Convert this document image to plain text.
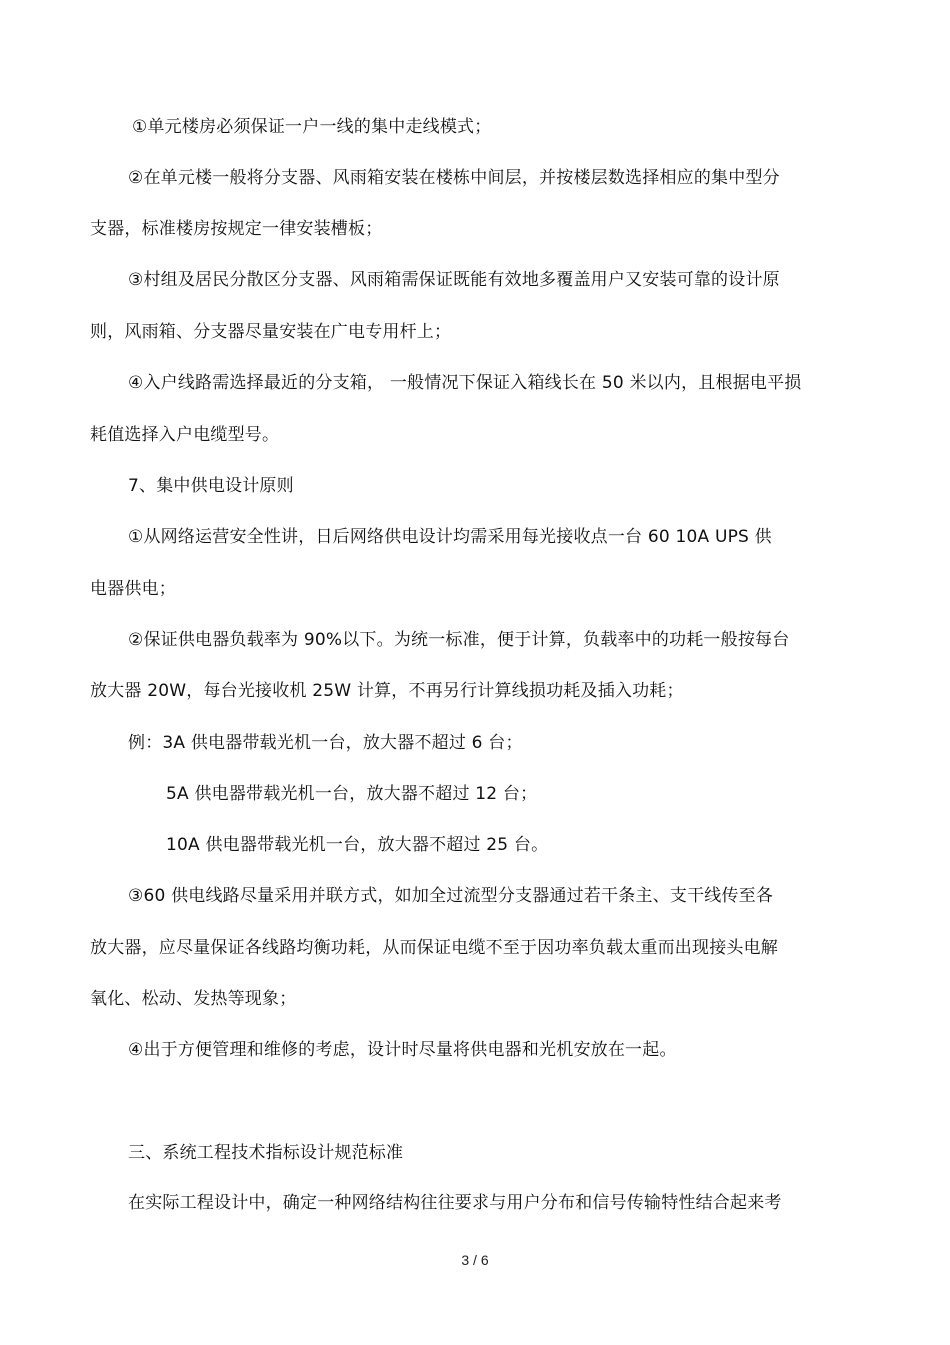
①单元楼房必须保证一户一线的集中走线模式；
②在单元楼一般将分支器、风雨箱安装在楼栋中间层，并按楼层数选择相应的集中型分
支器，标准楼房按规定一律安装槽板；
③村组及居民分散区分支器、风雨箱需保证既能有效地多覆盖用户又安装可靠的设计原
则，风雨箱、分支器尽量安装在广电专用杆上；
④入户线路需选择最近的分支箱， 一般情况下保证入箱线长在 50 米以内，且根据电平损
耗值选择入户电缆型号。
7、集中供电设计原则
①从网络运营安全性讲，日后网络供电设计均需采用每光接收点一台 60 10A UPS 供
电器供电；
②保证供电器负载率为 90%以下。为统一标准，便于计算，负载率中的功耗一般按每台
放大器 20W，每台光接收机 25W 计算，不再另行计算线损功耗及插入功耗；
例：3A 供电器带载光机一台，放大器不超过 6 台；
5A 供电器带载光机一台，放大器不超过 12 台；
10A 供电器带载光机一台，放大器不超过 25 台。
③60 供电线路尽量采用并联方式，如加全过流型分支器通过若干条主、支干线传至各
放大器，应尽量保证各线路均衡功耗，从而保证电缆不至于因功率负载太重而出现接头电解
氧化、松动、发热等现象；
④出于方便管理和维修的考虑，设计时尽量将供电器和光机安放在一起。
三、系统工程技术指标设计规范标准
在实际工程设计中，确定一种网络结构往往要求与用户分布和信号传输特性结合起来考
3 / 6
